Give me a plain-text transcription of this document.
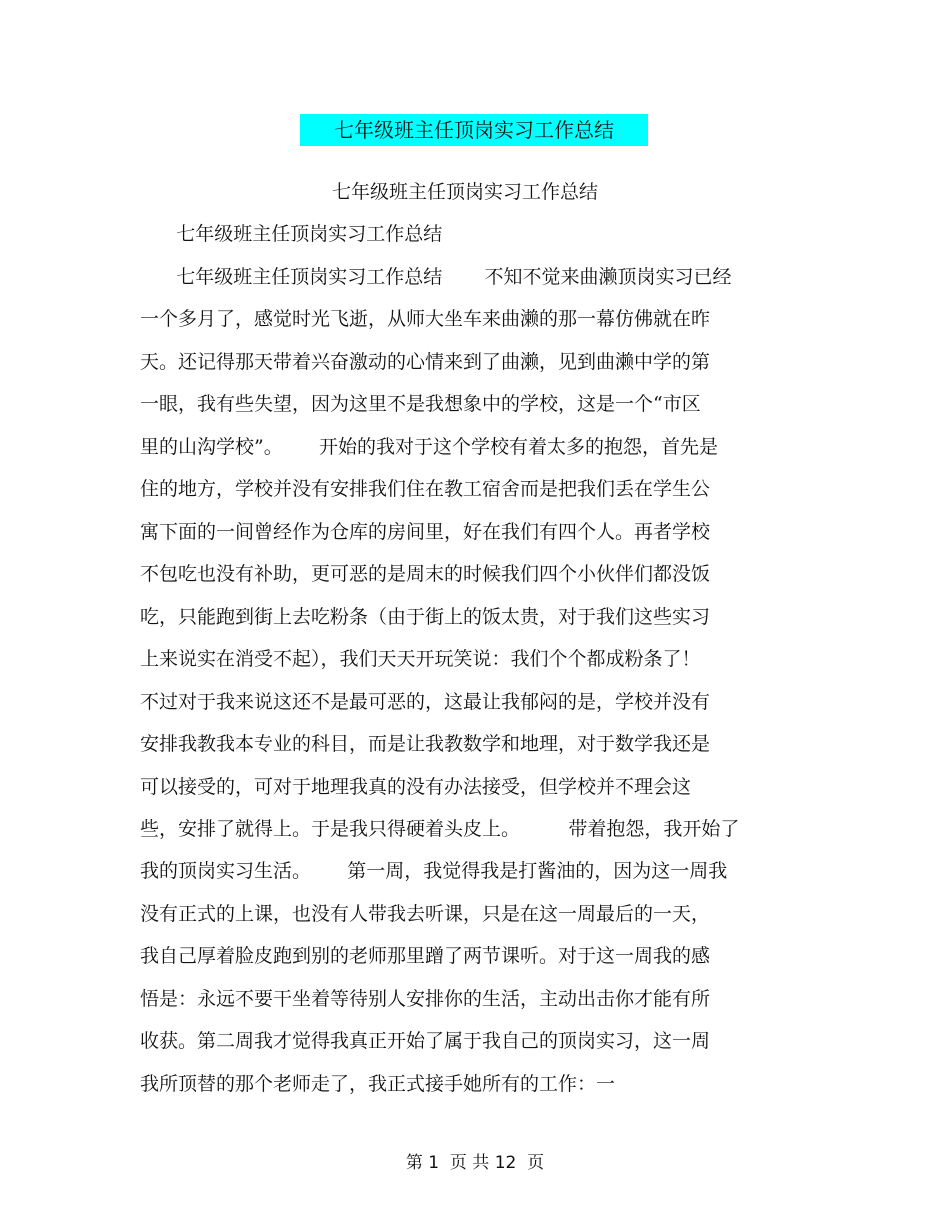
七年级班主任顶岗实习工作总结
七年级班主任顶岗实习工作总结
七年级班主任顶岗实习工作总结
七年级班主任顶岗实习工作总结       不知不觉来曲濑顶岗实习已经
一个多月了，感觉时光飞逝，从师大坐车来曲濑的那一幕仿佛就在昨
天。还记得那天带着兴奋激动的心情来到了曲濑，见到曲濑中学的第
一眼，我有些失望，因为这里不是我想象中的学校，这是一个“市区
里的山沟学校”。      开始的我对于这个学校有着太多的抱怨，首先是
住的地方，学校并没有安排我们住在教工宿舍而是把我们丢在学生公
寓下面的一间曾经作为仓库的房间里，好在我们有四个人。再者学校
不包吃也没有补助，更可恶的是周末的时候我们四个小伙伴们都没饭
吃，只能跑到街上去吃粉条（由于街上的饭太贵，对于我们这些实习
上来说实在消受不起），我们天天开玩笑说：我们个个都成粉条了！
不过对于我来说这还不是最可恶的，这最让我郁闷的是，学校并没有
安排我教我本专业的科目，而是让我教数学和地理，对于数学我还是
可以接受的，可对于地理我真的没有办法接受，但学校并不理会这
些，安排了就得上。于是我只得硬着头皮上。        带着抱怨，我开始了
我的顶岗实习生活。      第一周，我觉得我是打酱油的，因为这一周我
没有正式的上课，也没有人带我去听课，只是在这一周最后的一天，
我自己厚着脸皮跑到别的老师那里蹭了两节课听。对于这一周我的感
悟是：永远不要干坐着等待别人安排你的生活，主动出击你才能有所
收获。第二周我才觉得我真正开始了属于我自己的顶岗实习，这一周
我所顶替的那个老师走了，我正式接手她所有的工作：一
第 1  页 共 12  页
